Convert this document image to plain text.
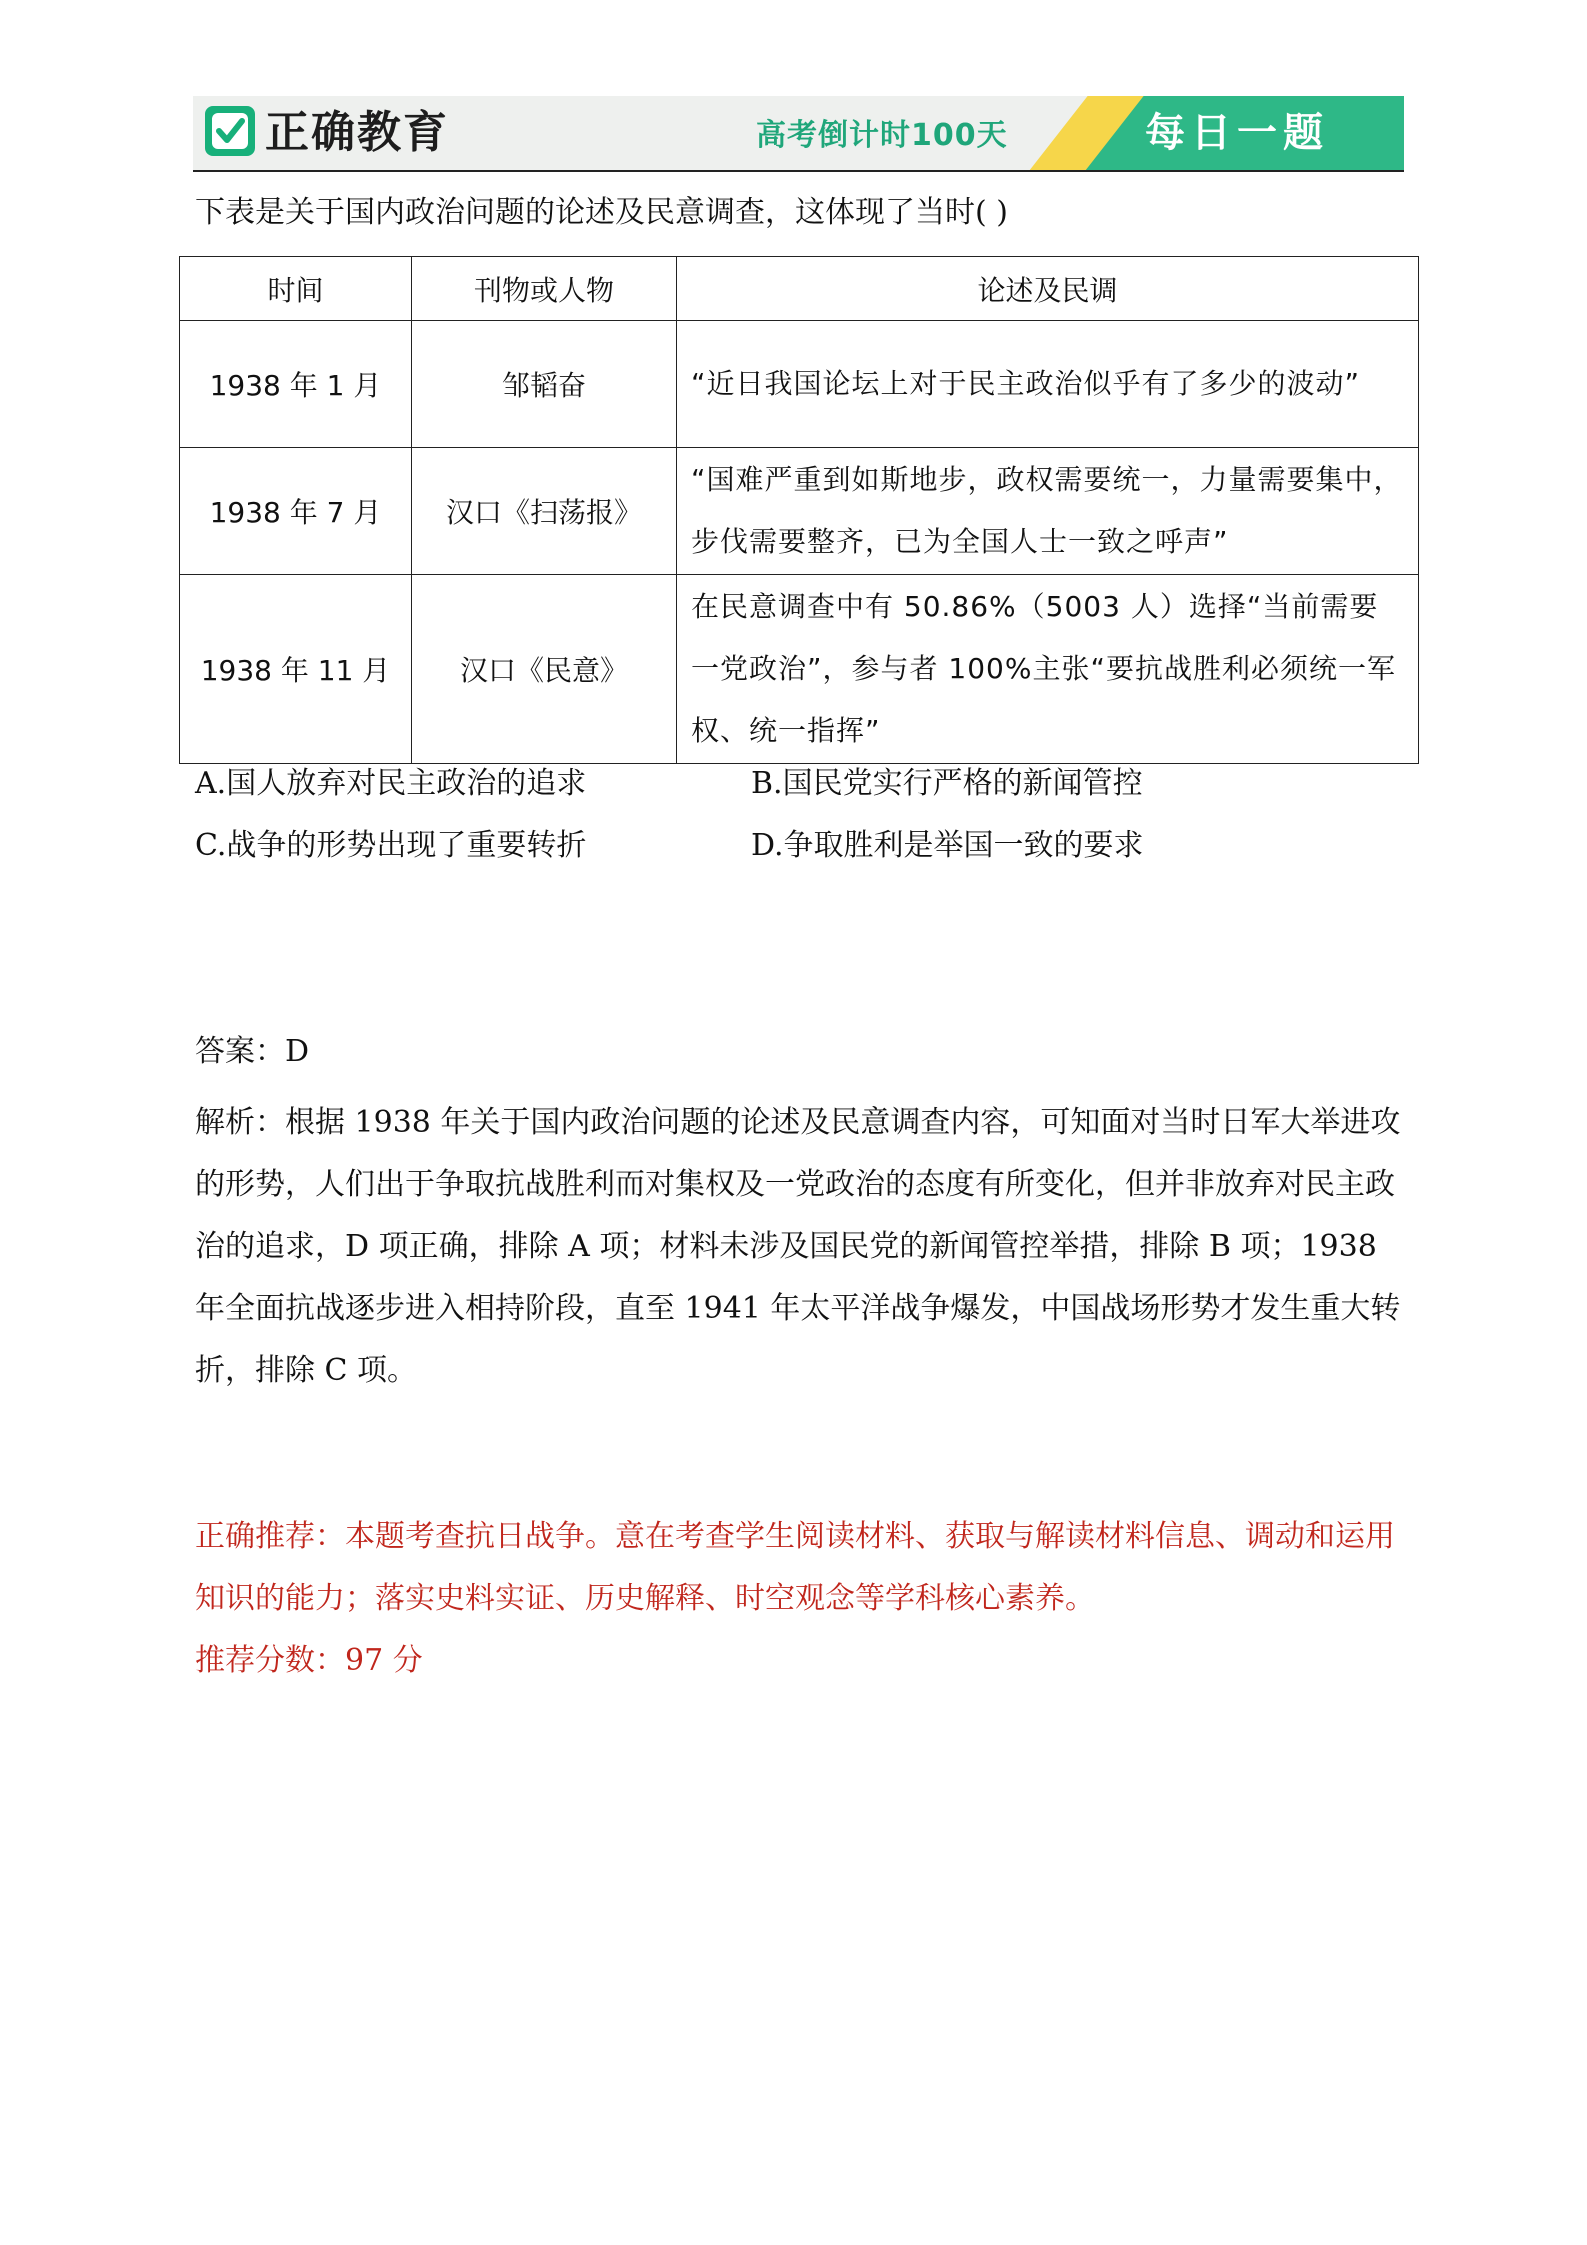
正确教育	高考倒计时100天	每日一题
下表是关于国内政治问题的论述及民意调查，这体现了当时( )
时间	刊物或人物	论述及民调
1938 年 1 月	邹韬奋	“近日我国论坛上对于民主政治似乎有了多少的波动”
1938 年 7 月	汉口《扫荡报》	“国难严重到如斯地步，政权需要统一，力量需要集中，步伐需要整齐，已为全国人士一致之呼声”
1938 年 11 月	汉口《民意》	在民意调查中有 50.86%（5003 人）选择“当前需要一党政治”，参与者 100%主张“要抗战胜利必须统一军权、统一指挥”
A.国人放弃对民主政治的追求	B.国民党实行严格的新闻管控
C.战争的形势出现了重要转折	D.争取胜利是举国一致的要求
答案：D
解析：根据 1938 年关于国内政治问题的论述及民意调查内容，可知面对当时日军大举进攻的形势，人们出于争取抗战胜利而对集权及一党政治的态度有所变化，但并非放弃对民主政治的追求，D 项正确，排除 A 项；材料未涉及国民党的新闻管控举措，排除 B 项；1938 年全面抗战逐步进入相持阶段，直至 1941 年太平洋战争爆发，中国战场形势才发生重大转折，排除 C 项。
正确推荐：本题考查抗日战争。意在考查学生阅读材料、获取与解读材料信息、调动和运用知识的能力；落实史料实证、历史解释、时空观念等学科核心素养。
推荐分数：97 分
